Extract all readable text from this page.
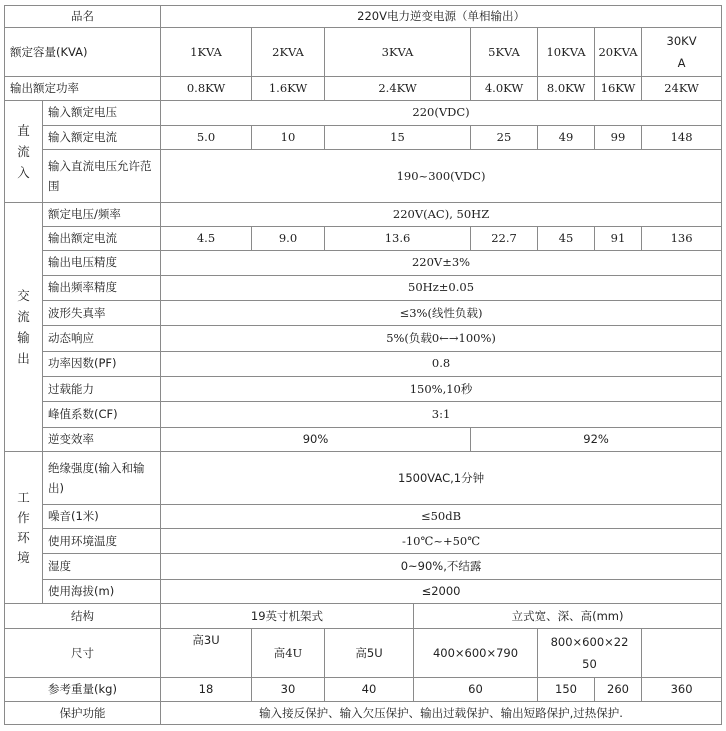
品名		220V电力逆变电源（单相输出）								
额定容量(KVA)		1KVA	2KVA	3KVA		5KVA	10KVA	20KVA	30KV
A	
输出额定功率		0.8KW	1.6KW	2.4KW		4.0KW	8.0KW	16KW	24KW	
直
流
入	输入额定电压	220(VDC)								
	输入额定电流	5.0	10	15		25	49	99	148	
	输入直流电压允许范围	190~300(VDC)								
交
流
输
出	额定电压/频率	220V(AC), 50HZ								
	输出额定电流	4.5	9.0	13.6		22.7	45	91	136	
	输出电压精度	220V±3%								
	输出频率精度	50Hz±0.05								
	波形失真率	≤3%(线性负载)								
	动态响应	5%(负载0←→100%)								
	功率因数(PF)	0.8								
	过载能力	150%,10秒								
	峰值系数(CF)	3:1								
	逆变效率	90%				92%				
工
作
环
境	绝缘强度(输入和输出)	1500VAC,1分钟								
	噪音(1米)	≤50dB								
	使用环境温度	-10℃~+50℃								
	湿度	0~90%,不结露								
	使用海拔(m)	≤2000								
结构		19英寸机架式			立式宽、深、高(mm)					
尺寸		高3U	高4U	高5U	400×600×790		800×600×22
50			
参考重量(kg)		18	30	40	60		150	260	360	
保护功能		输入接反保护、输入欠压保护、输出过载保护、输出短路保护,过热保护.								
